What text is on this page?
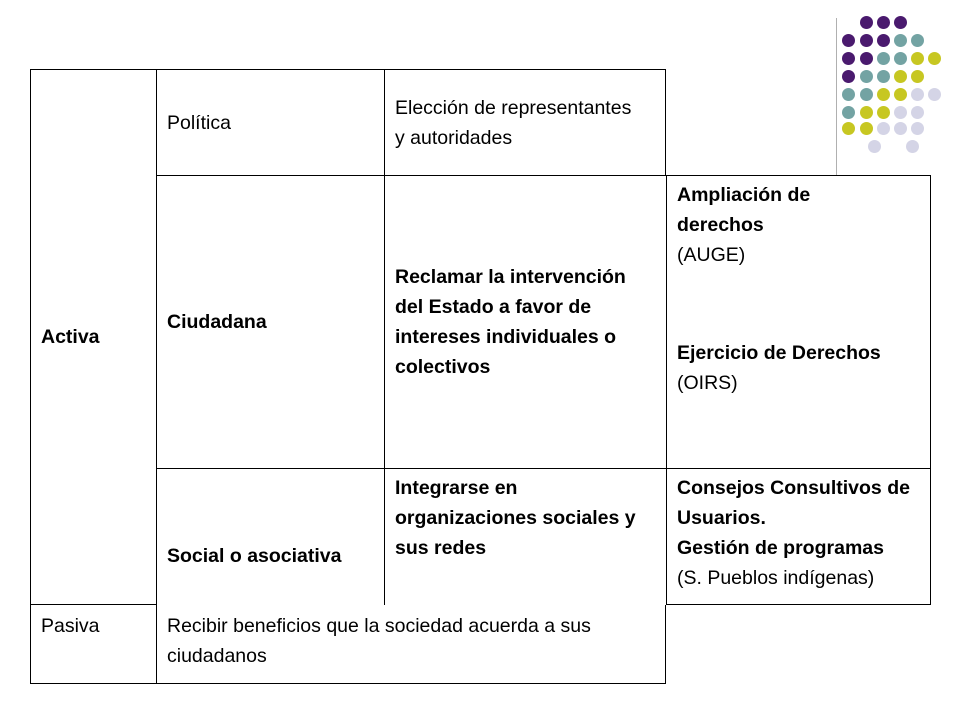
Activa
Política
Elección de representantes y autoridades
Ciudadana
Reclamar la intervención del Estado a favor de intereses individuales o colectivos
Ampliación de derechos
(AUGE)
Ejercicio de Derechos
(OIRS)
Social o asociativa
Integrarse en organizaciones sociales y sus redes
Consejos Consultivos de Usuarios.
Gestión de programas
(S. Pueblos indígenas)
Pasiva	Recibir beneficios que la sociedad acuerda a sus ciudadanos
